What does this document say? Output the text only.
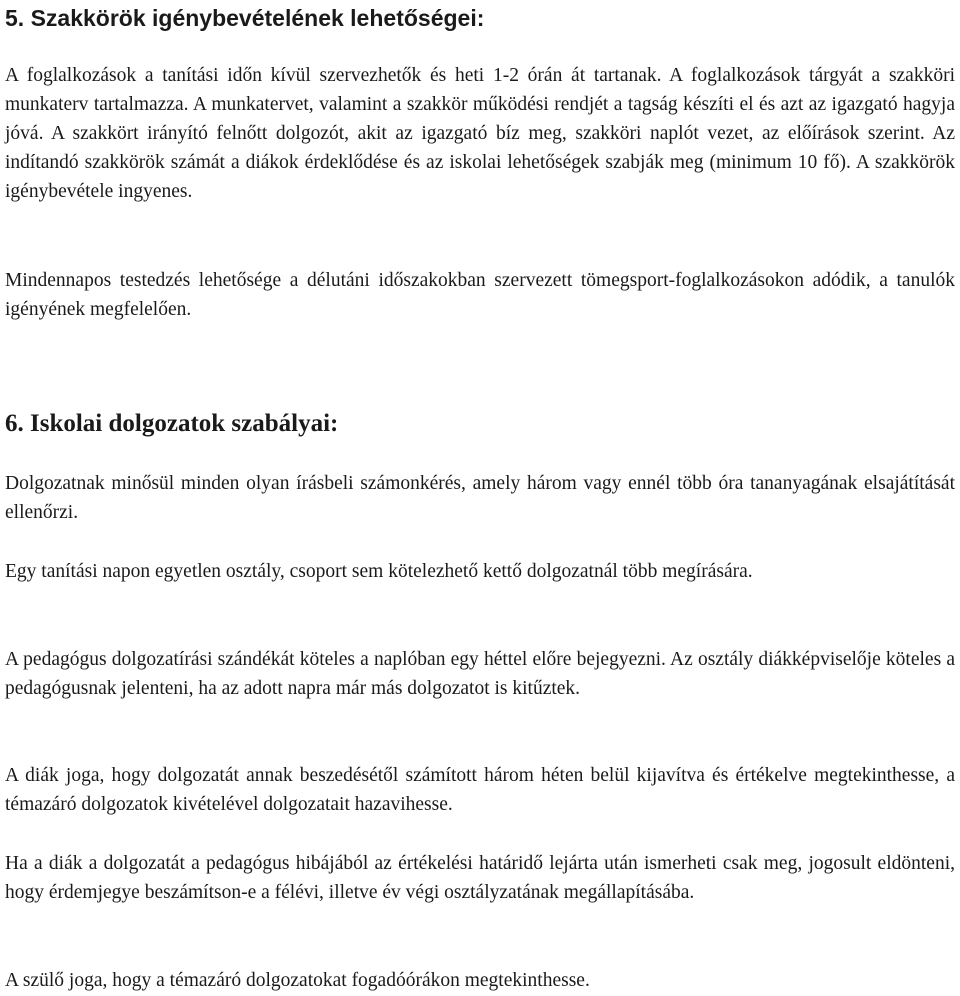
5. Szakkörök igénybevételének lehetőségei:

A foglalkozások a tanítási időn kívül szervezhetők és heti 1-2 órán át tartanak. A foglalkozások tárgyát a szakköri munkaterv tartalmazza. A munkatervet, valamint a szakkör működési rendjét a tagság készíti el és azt az igazgató hagyja jóvá. A szakkört irányító felnőtt dolgozót, akit az igazgató bíz meg, szakköri naplót vezet, az előírások szerint. Az indítandó szakkörök számát a diákok érdeklődése és az iskolai lehetőségek szabják meg (minimum 10 fő). A szakkörök igénybevétele ingyenes.

Mindennapos testedzés lehetősége a délutáni időszakokban szervezett tömegsport-foglalkozásokon adódik, a tanulók igényének megfelelően.

6. Iskolai dolgozatok szabályai:

Dolgozatnak minősül minden olyan írásbeli számonkérés, amely három vagy ennél több óra tananyagának elsajátítását ellenőrzi.

Egy tanítási napon egyetlen osztály, csoport sem kötelezhető kettő dolgozatnál több megírására.

A pedagógus dolgozatírási szándékát köteles a naplóban egy héttel előre bejegyezni. Az osztály diákképviselője köteles a pedagógusnak jelenteni, ha az adott napra már más dolgozatot is kitűztek.

A diák joga, hogy dolgozatát annak beszedésétől számított három héten belül kijavítva és értékelve megtekinthesse, a témazáró dolgozatok kivételével dolgozatait hazavihesse.

Ha a diák a dolgozatát a pedagógus hibájából az értékelési határidő lejárta után ismerheti csak meg, jogosult eldönteni, hogy érdemjegye beszámítson-e a félévi, illetve év végi osztályzatának megállapításába.

A szülő joga, hogy a témazáró dolgozatokat fogadóórákon megtekinthesse.
